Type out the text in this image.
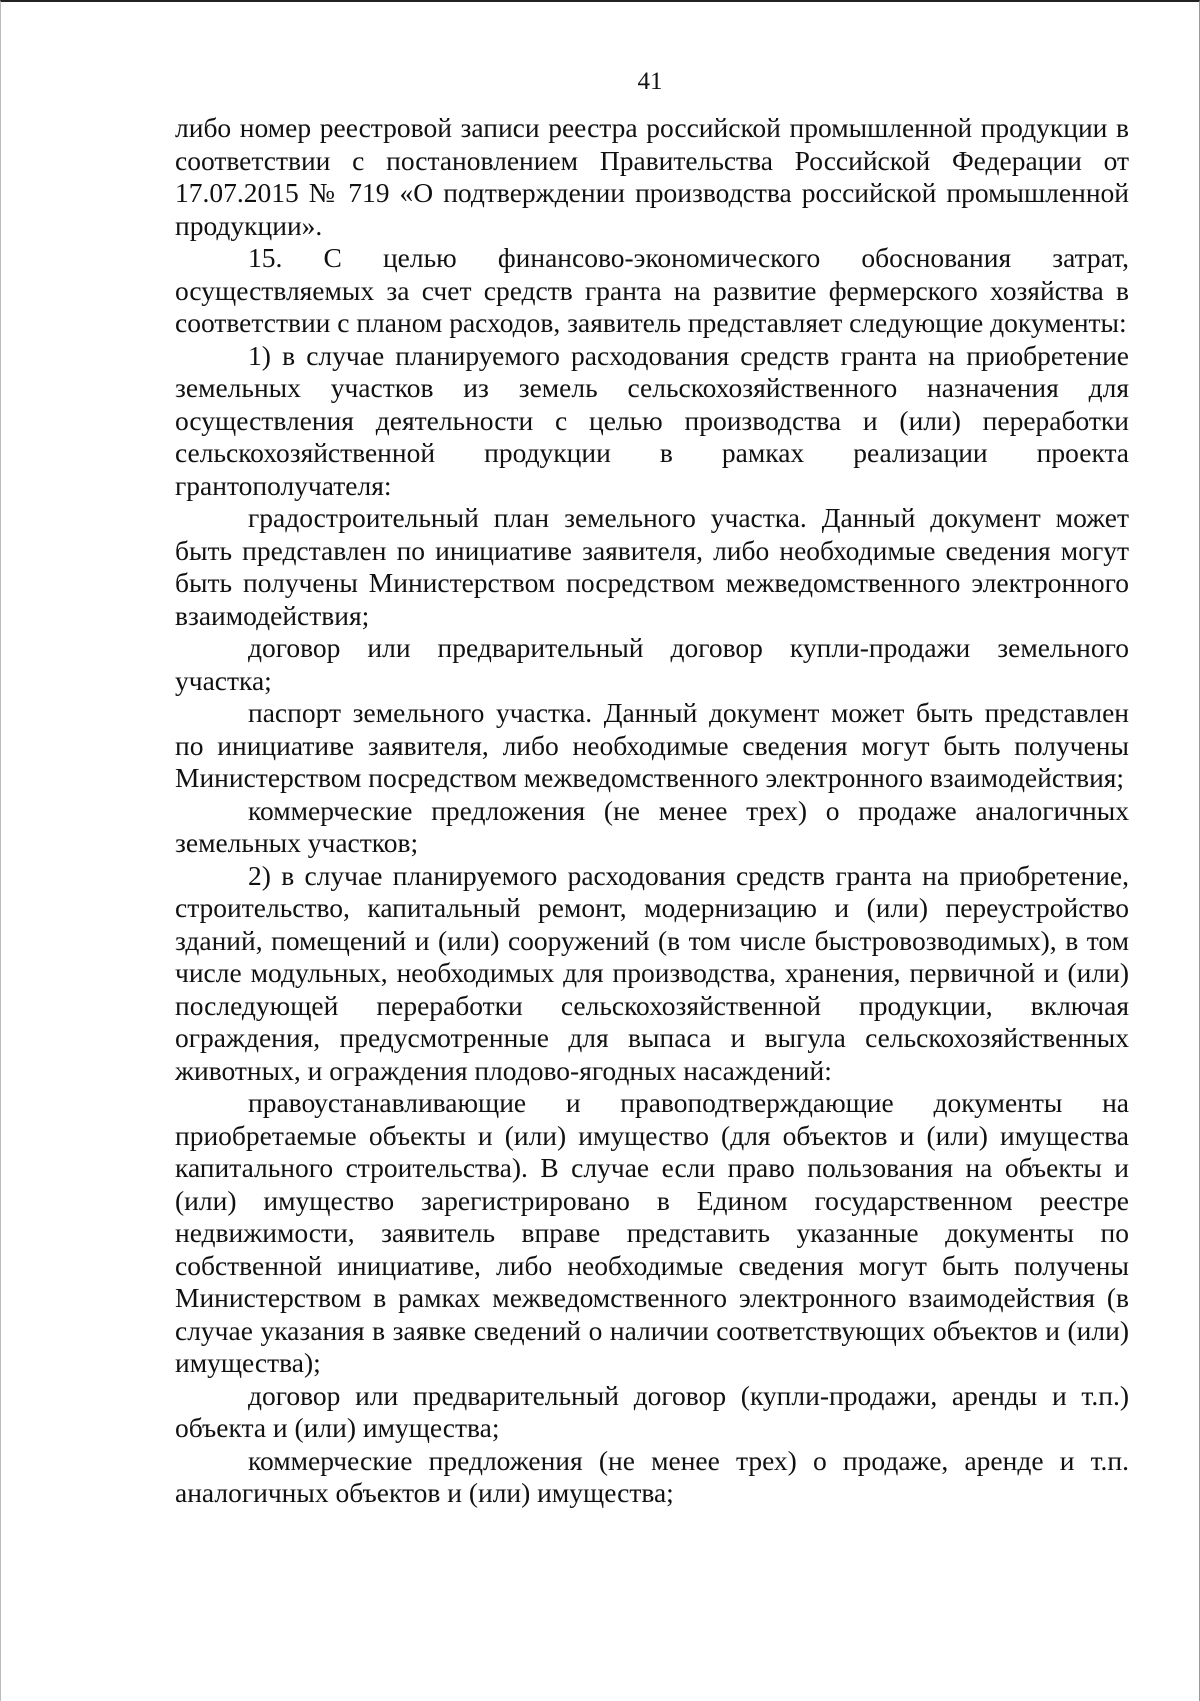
41

либо номер реестровой записи реестра российской промышленной продукции в соответствии с постановлением Правительства Российской Федерации от 17.07.2015 № 719 «О подтверждении производства российской промышленной продукции».

15. С целью финансово-экономического обоснования затрат, осуществляемых за счет средств гранта на развитие фермерского хозяйства в соответствии с планом расходов, заявитель представляет следующие документы:

1) в случае планируемого расходования средств гранта на приобретение земельных участков из земель сельскохозяйственного назначения для осуществления деятельности с целью производства и (или) переработки сельскохозяйственной продукции в рамках реализации проекта грантополучателя:

градостроительный план земельного участка. Данный документ может быть представлен по инициативе заявителя, либо необходимые сведения могут быть получены Министерством посредством межведомственного электронного взаимодействия;

договор или предварительный договор купли-продажи земельного участка;

паспорт земельного участка. Данный документ может быть представлен по инициативе заявителя, либо необходимые сведения могут быть получены Министерством посредством межведомственного электронного взаимодействия;

коммерческие предложения (не менее трех) о продаже аналогичных земельных участков;

2) в случае планируемого расходования средств гранта на приобретение, строительство, капитальный ремонт, модернизацию и (или) переустройство зданий, помещений и (или) сооружений (в том числе быстровозводимых), в том числе модульных, необходимых для производства, хранения, первичной и (или) последующей переработки сельскохозяйственной продукции, включая ограждения, предусмотренные для выпаса и выгула сельскохозяйственных животных, и ограждения плодово-ягодных насаждений:

правоустанавливающие и правоподтверждающие документы на приобретаемые объекты и (или) имущество (для объектов и (или) имущества капитального строительства). В случае если право пользования на объекты и (или) имущество зарегистрировано в Едином государственном реестре недвижимости, заявитель вправе представить указанные документы по собственной инициативе, либо необходимые сведения могут быть получены Министерством в рамках межведомственного электронного взаимодействия (в случае указания в заявке сведений о наличии соответствующих объектов и (или) имущества);

договор или предварительный договор (купли-продажи, аренды и т.п.) объекта и (или) имущества;

коммерческие предложения (не менее трех) о продаже, аренде и т.п. аналогичных объектов и (или) имущества;
